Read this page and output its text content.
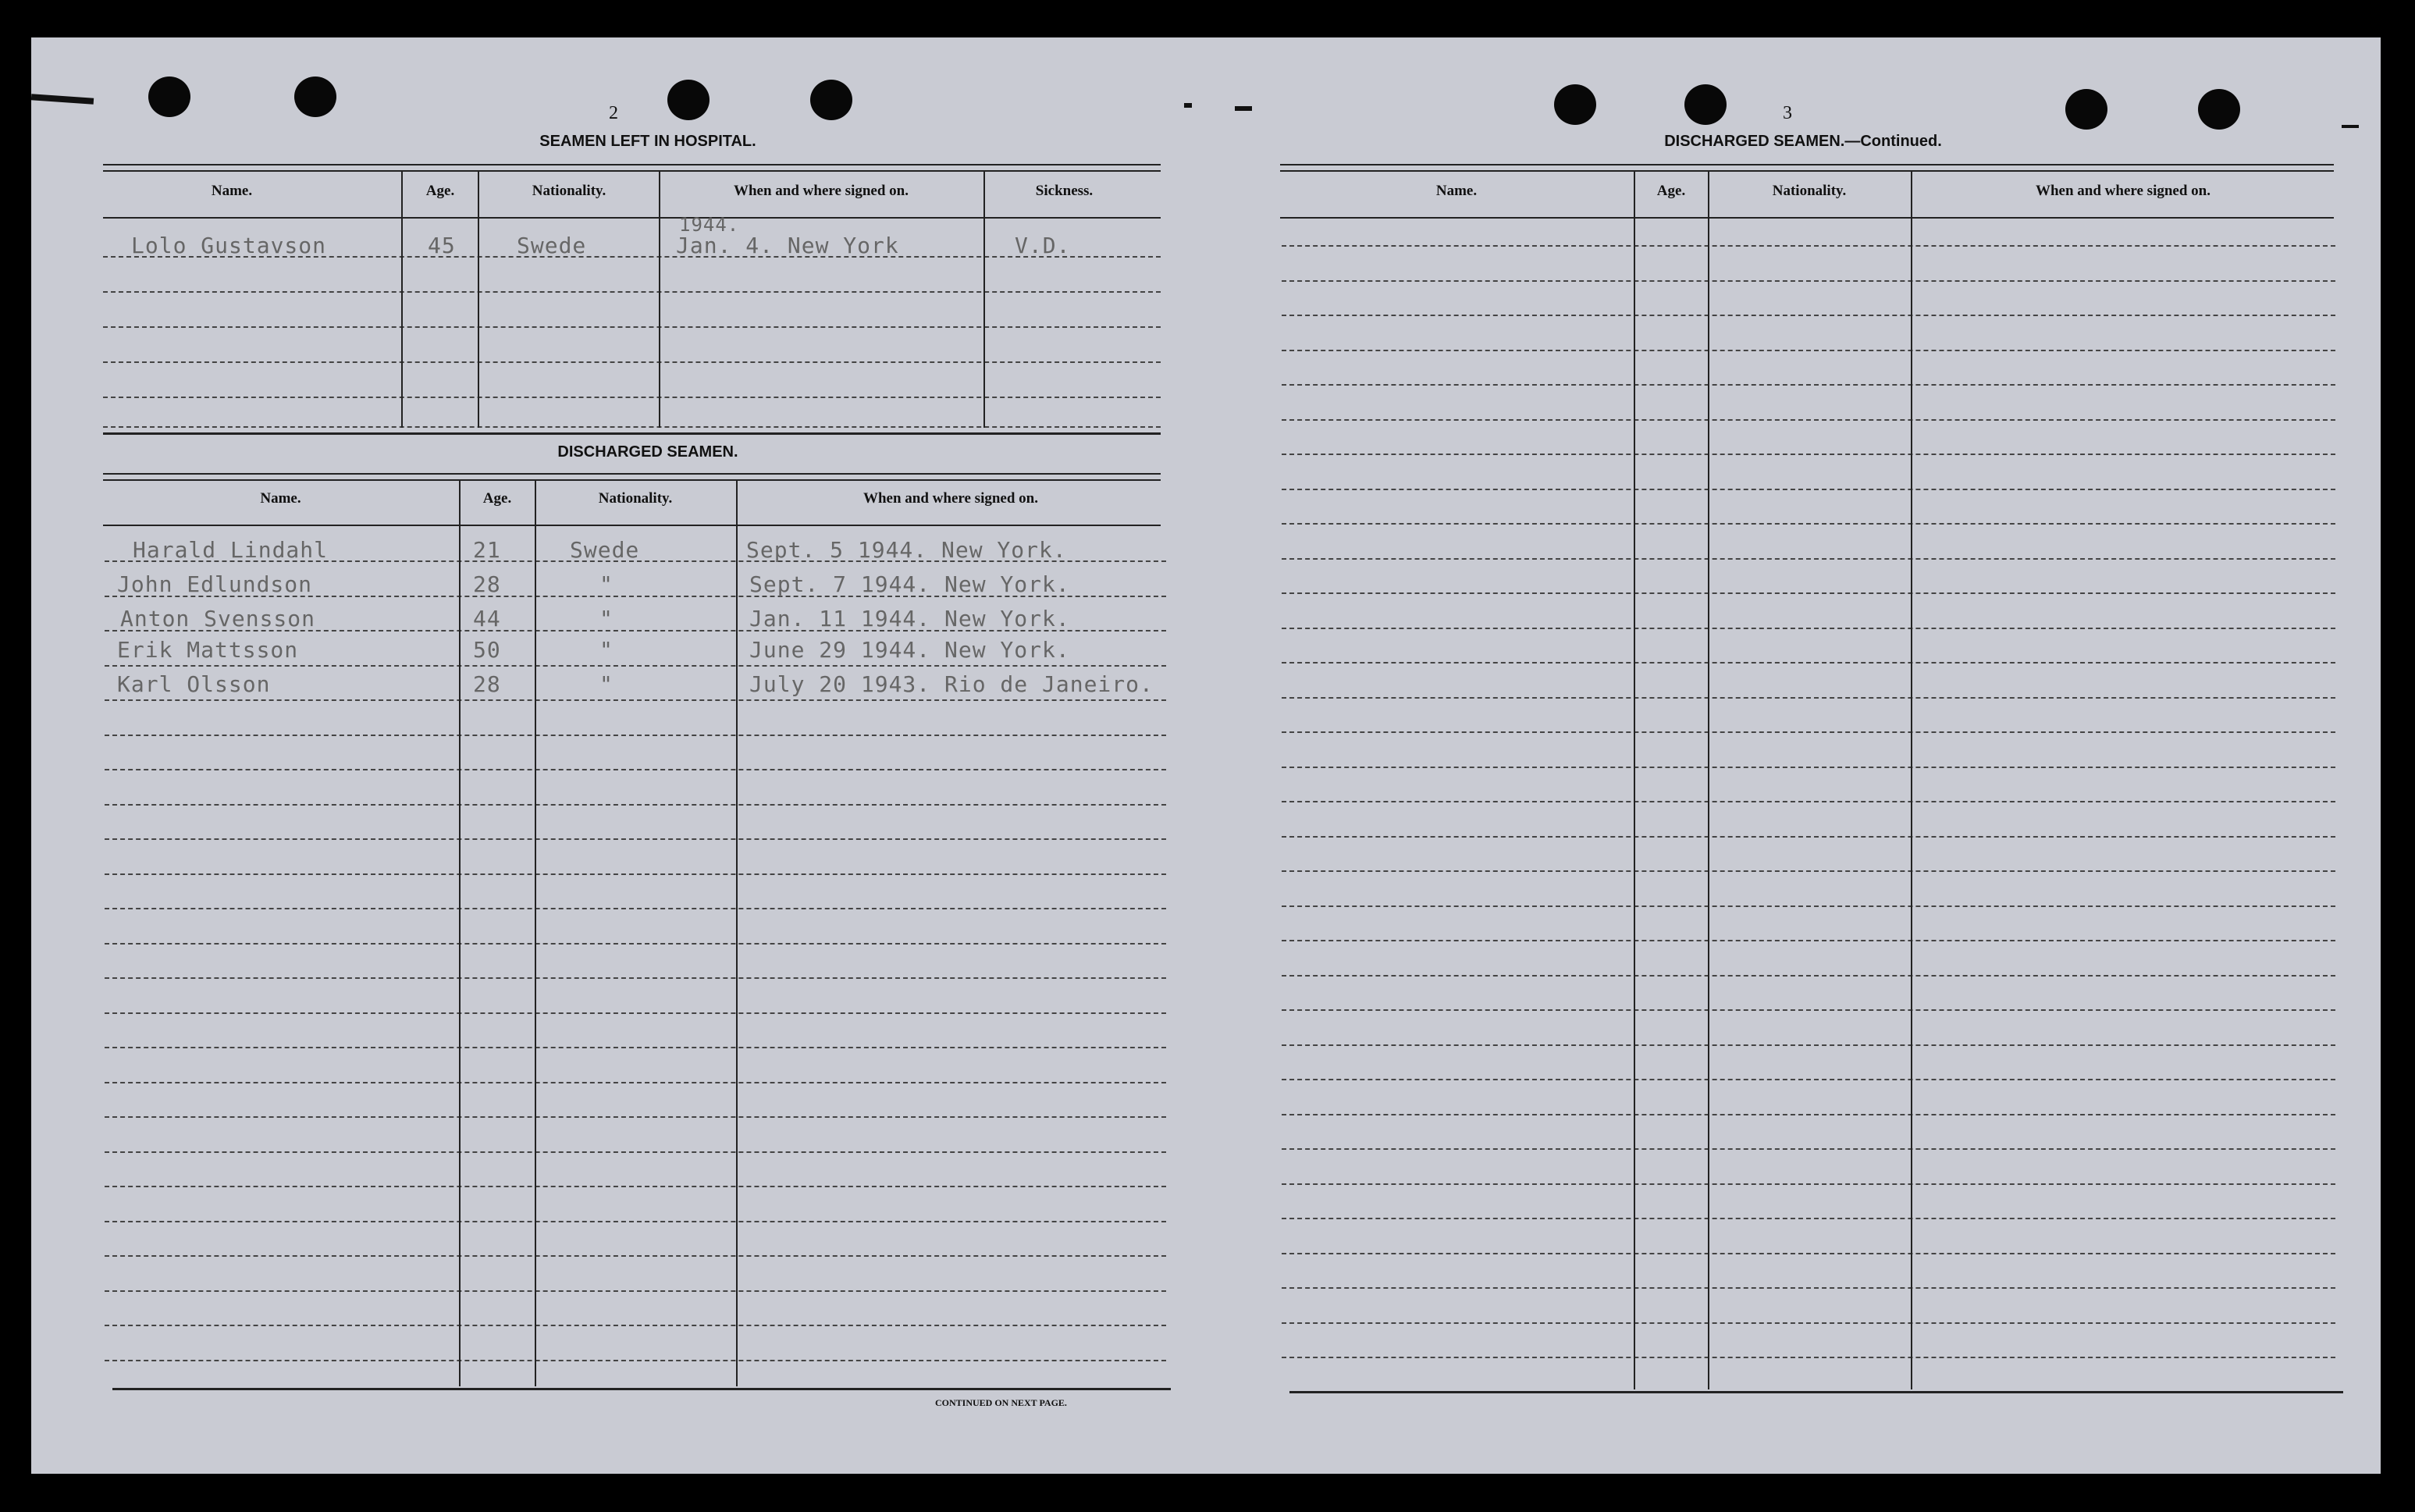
2
SEAMEN LEFT IN HOSPITAL.
Name.	Age.	Nationality.	When and where signed on.	Sickness.
1944.
Lolo Gustavson	45	Swede	Jan. 4. New York	V.D.
DISCHARGED SEAMEN.
Name.	Age.	Nationality.	When and where signed on.
Harald Lindahl	21	Swede	Sept. 5 1944. New York.
John Edlundson	28	"	Sept. 7 1944. New York.
Anton Svensson	44	"	Jan. 11 1944. New York.
Erik Mattsson	50	"	June 29 1944. New York.
Karl Olsson	28	"	July 20 1943. Rio de Janeiro.
CONTINUED ON NEXT PAGE.
3
DISCHARGED SEAMEN.—Continued.
Name.	Age.	Nationality.	When and where signed on.
